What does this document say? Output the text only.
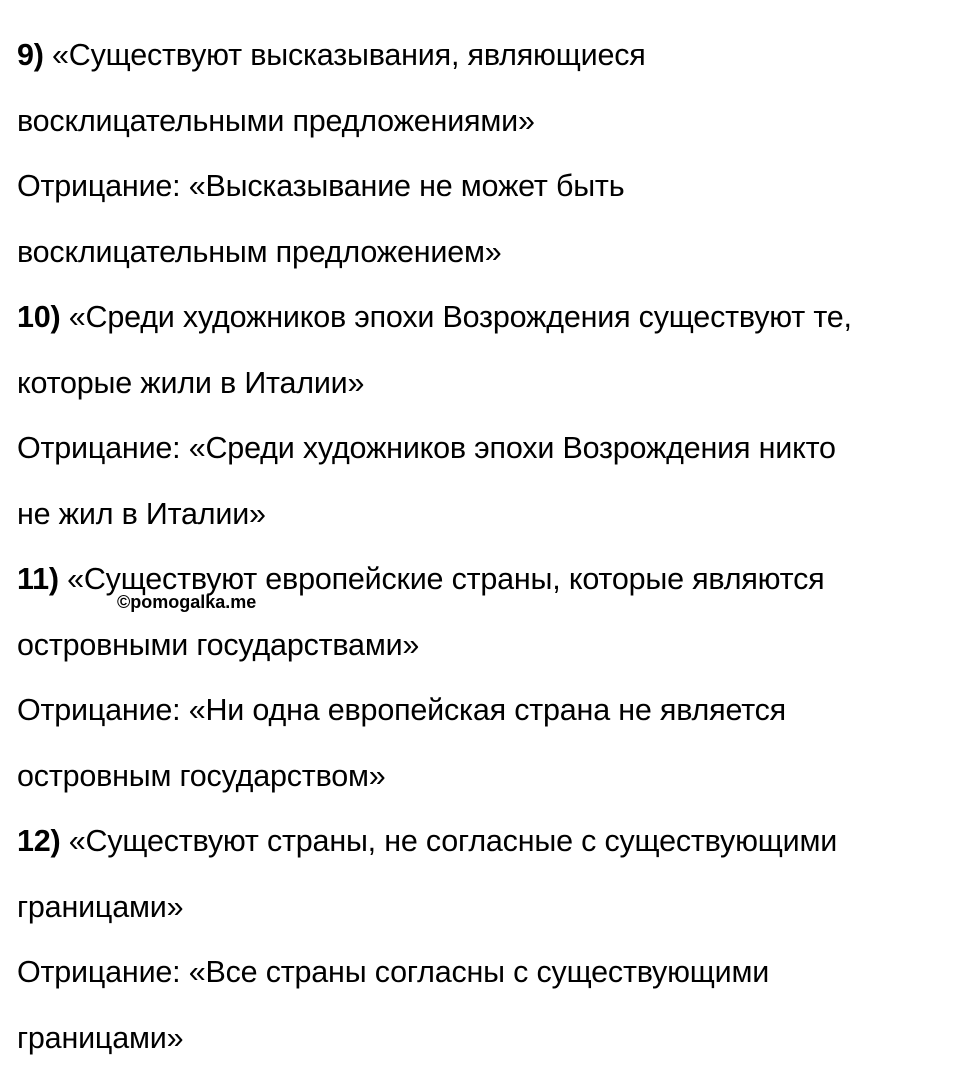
9) «Существуют высказывания, являющиеся
восклицательными предложениями»
Отрицание: «Высказывание не может быть
восклицательным предложением»
10) «Среди художников эпохи Возрождения существуют те,
которые жили в Италии»
Отрицание: «Среди художников эпохи Возрождения никто
не жил в Италии»
11) «Существуют европейские страны, которые являются
островными государствами»
Отрицание: «Ни одна европейская страна не является
островным государством»
12) «Существуют страны, не согласные с существующими
границами»
Отрицание: «Все страны согласны с существующими
границами»
©pomogalka.me
